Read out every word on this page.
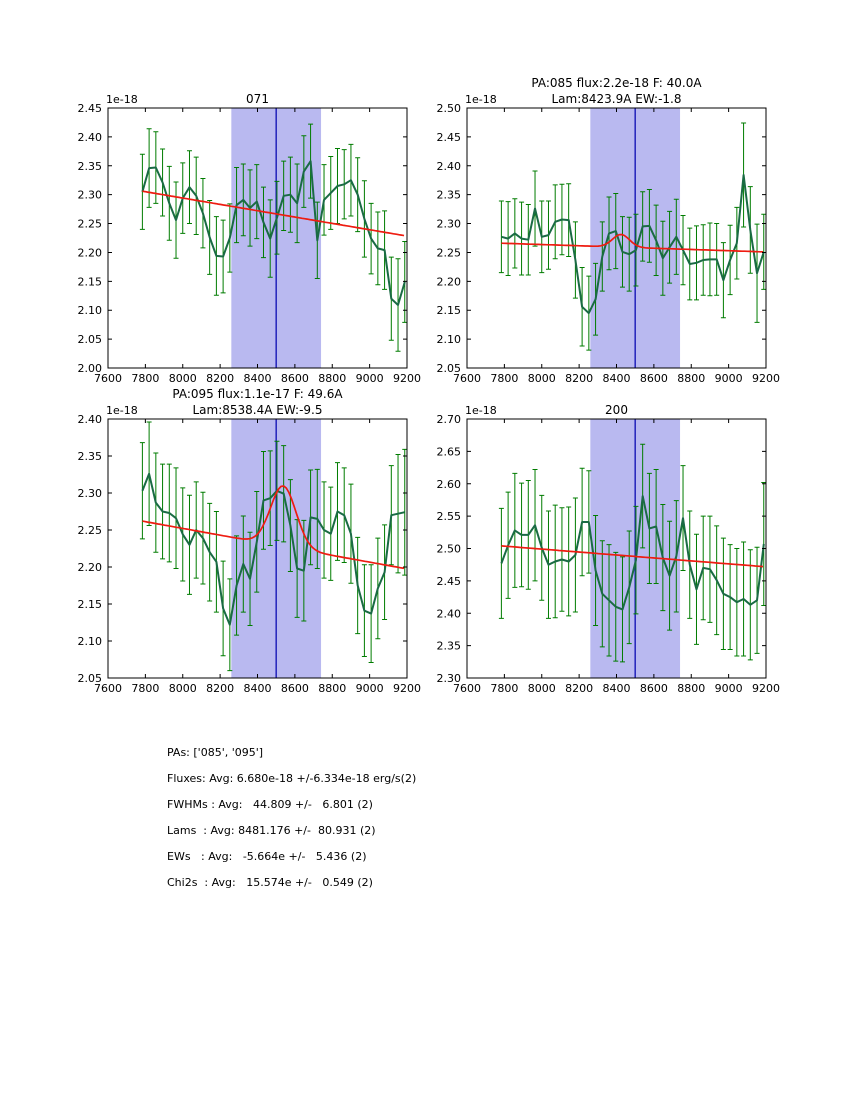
7600 7800 8000 8200 8400 8600 8800 9000 9200
2.00
2.05
2.10
2.15
2.20
2.25
2.30
2.35
2.40
2.45
1e-18	071
7600 7800 8000 8200 8400 8600 8800 9000 9200
2.05
2.10
2.15
2.20
2.25
2.30
2.35
2.40
2.45
2.50
1e-18
PA:085 flux:2.2e-18 F: 40.0A
Lam:8423.9A EW:-1.8
7600 7800 8000 8200 8400 8600 8800 9000 9200
2.05
2.10
2.15
2.20
2.25
2.30
2.35
2.40
1e-18
PA:095 flux:1.1e-17 F: 49.6A
Lam:8538.4A EW:-9.5
7600 7800 8000 8200 8400 8600 8800 9000 9200
2.30
2.35
2.40
2.45
2.50
2.55
2.60
2.65
2.70
1e-18	200
PAs: ['085', '095']
Fluxes: Avg: 6.680e-18 +/-6.334e-18 erg/s(2)
FWHMs : Avg:   44.809 +/-   6.801 (2)
Lams  : Avg: 8481.176 +/-  80.931 (2)
EWs   : Avg:   -5.664e +/-   5.436 (2)
Chi2s  : Avg:   15.574e +/-   0.549 (2)
